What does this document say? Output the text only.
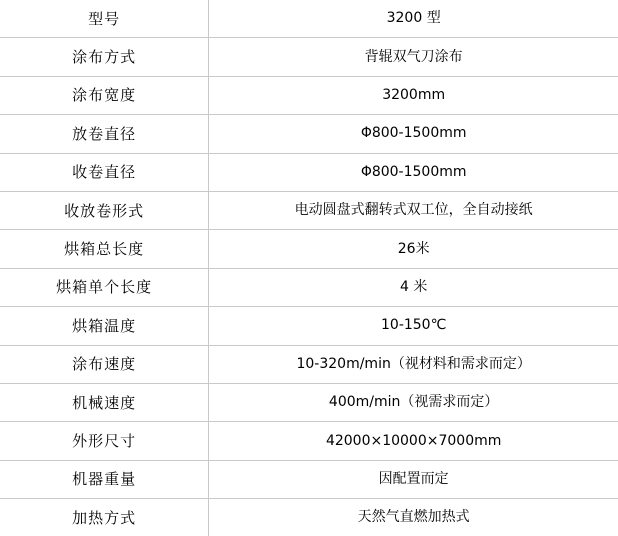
型号	3200 型
涂布方式	背辊双气刀涂布
涂布宽度	3200mm
放卷直径	Φ800-1500mm
收卷直径	Φ800-1500mm
收放卷形式	电动圆盘式翻转式双工位，全自动接纸
烘箱总长度	26米
烘箱单个长度	4 米
烘箱温度	10-150℃
涂布速度	10-320m/min（视材料和需求而定）
机械速度	400m/min（视需求而定）
外形尺寸	42000×10000×7000mm
机器重量	因配置而定
加热方式	天然气直燃加热式
